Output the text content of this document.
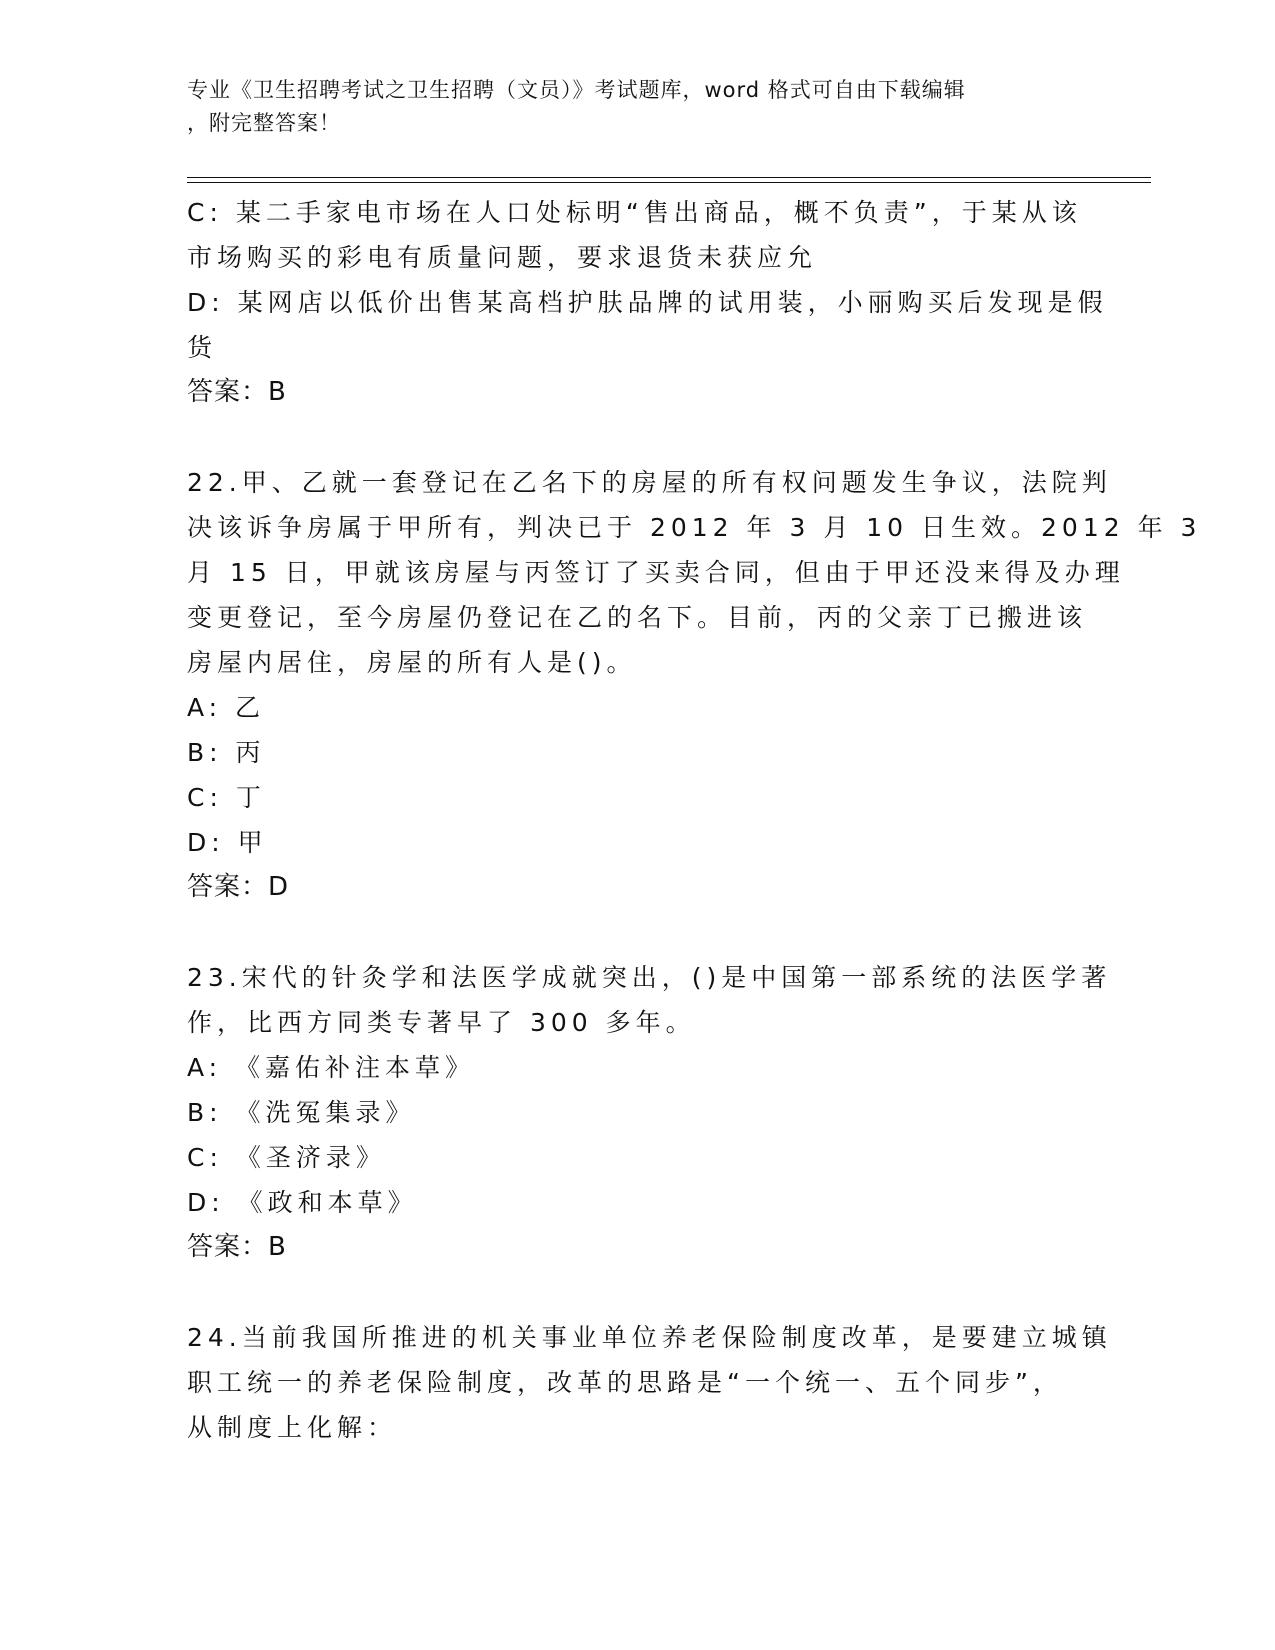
专业《卫生招聘考试之卫生招聘（文员）》考试题库，word 格式可自由下载编辑
，附完整答案！
C: 某二手家电市场在人口处标明“售出商品，概不负责”，于某从该
市场购买的彩电有质量问题，要求退货未获应允
D: 某网店以低价出售某高档护肤品牌的试用装，小丽购买后发现是假
货
答案：B
22.甲、乙就一套登记在乙名下的房屋的所有权问题发生争议，法院判
决该诉争房属于甲所有，判决已于 2012 年 3 月 10 日生效。2012 年 3
月 15 日，甲就该房屋与丙签订了买卖合同，但由于甲还没来得及办理
变更登记，至今房屋仍登记在乙的名下。目前，丙的父亲丁已搬进该
房屋内居住，房屋的所有人是()。
A: 乙
B: 丙
C: 丁
D: 甲
答案：D
23.宋代的针灸学和法医学成就突出，()是中国第一部系统的法医学著
作，比西方同类专著早了 300 多年。
A: 《嘉佑补注本草》
B: 《洗冤集录》
C: 《圣济录》
D: 《政和本草》
答案：B
24.当前我国所推进的机关事业单位养老保险制度改革，是要建立城镇
职工统一的养老保险制度，改革的思路是“一个统一、五个同步”，
从制度上化解：
